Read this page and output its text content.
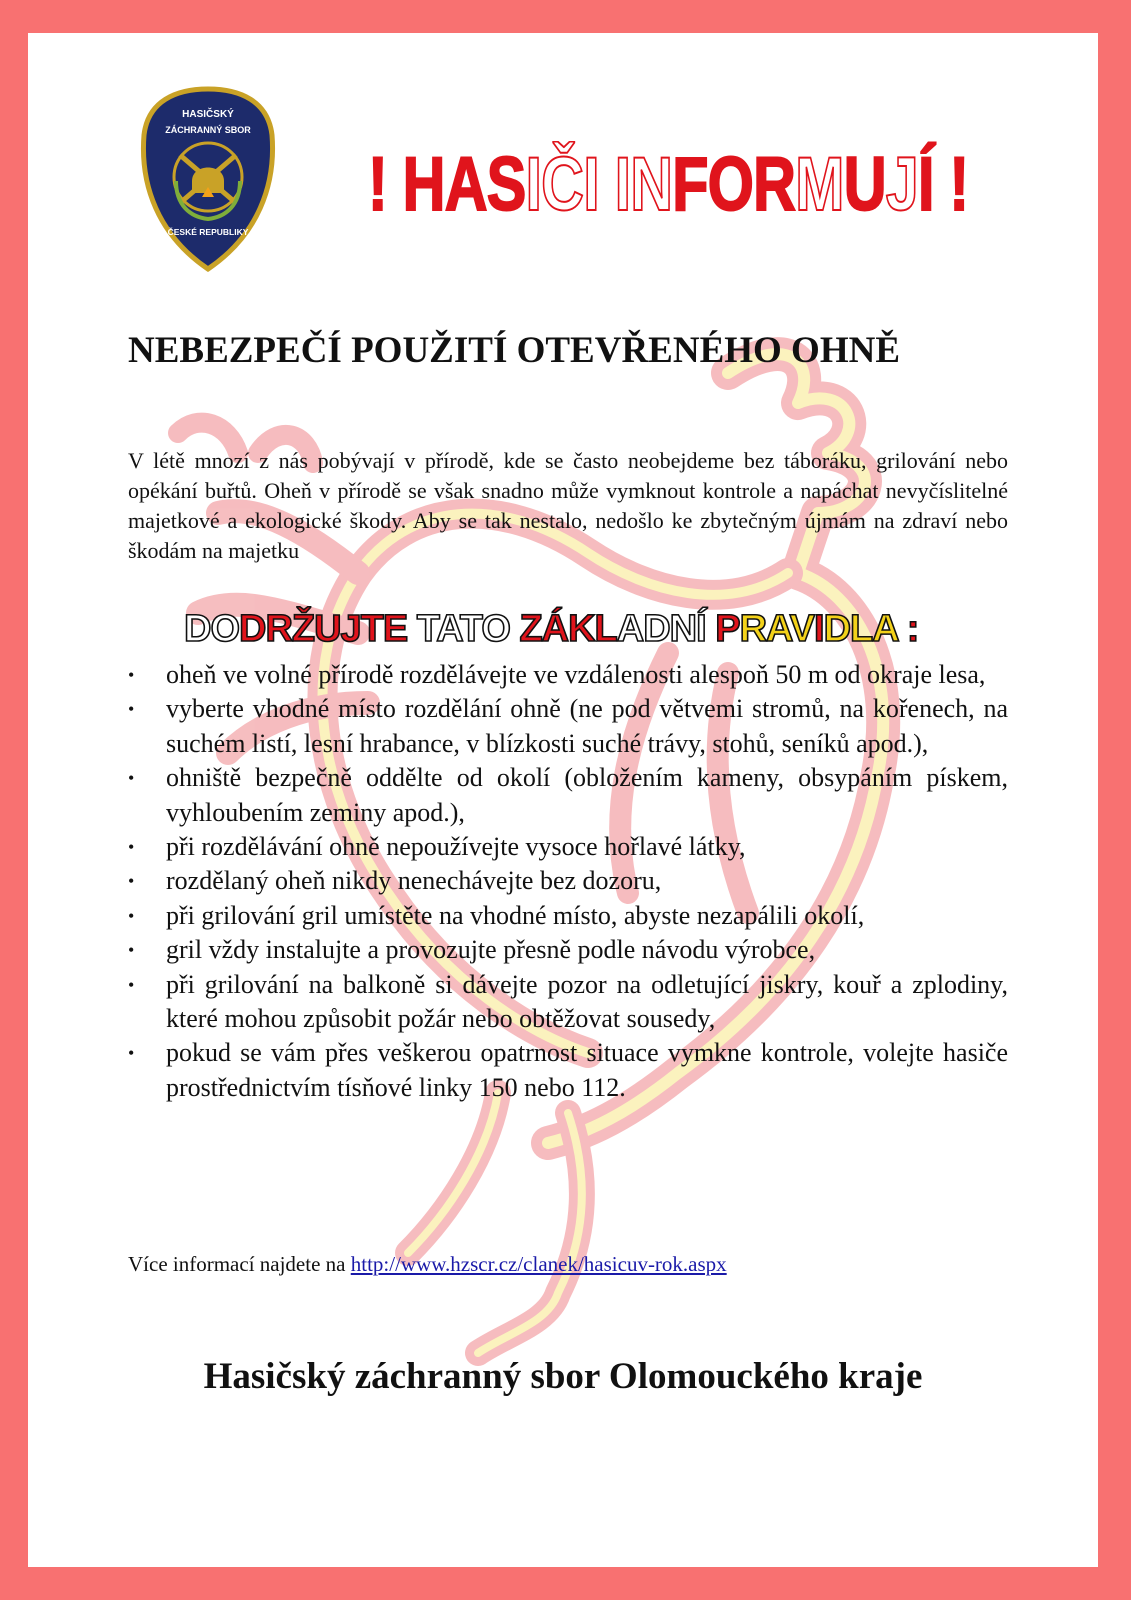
HASIČSKÝ
ZÁCHRANNÝ SBOR
ČESKÉ REPUBLIKY
! HASIČI INFORMUJÍ !
NEBEZPEČÍ POUŽITÍ OTEVŘENÉHO OHNĚ
V létě mnozí z nás pobývají v přírodě, kde se často neobejdeme bez táboráku, grilování nebo opékání buřtů. Oheň v přírodě se však snadno může vymknout kontrole a napáchat nevyčíslitelné majetkové a ekologické škody. Aby se tak nestalo, nedošlo ke zbytečným újmám na zdraví nebo škodám na majetku
DODRŽUJTE TATO ZÁKLADNÍ PRAVIDLA :
• oheň ve volné přírodě rozdělávejte ve vzdálenosti alespoň 50 m od okraje lesa,
• vyberte vhodné místo rozdělání ohně (ne pod větvemi stromů, na kořenech, na suchém listí, lesní hrabance, v blízkosti suché trávy, stohů, seníků apod.),
• ohniště bezpečně oddělte od okolí (obložením kameny, obsypáním pískem, vyhloubením zeminy apod.),
• při rozdělávání ohně nepoužívejte vysoce hořlavé látky,
• rozdělaný oheň nikdy nenechávejte bez dozoru,
• při grilování gril umístěte na vhodné místo, abyste nezapálili okolí,
• gril vždy instalujte a provozujte přesně podle návodu výrobce,
• při grilování na balkoně si dávejte pozor na odletující jiskry, kouř a zplodiny, které mohou způsobit požár nebo obtěžovat sousedy,
• pokud se vám přes veškerou opatrnost situace vymkne kontrole, volejte hasiče prostřednictvím tísňové linky 150 nebo 112.
Více informací najdete na http://www.hzscr.cz/clanek/hasicuv-rok.aspx
Hasičský záchranný sbor Olomouckého kraje
